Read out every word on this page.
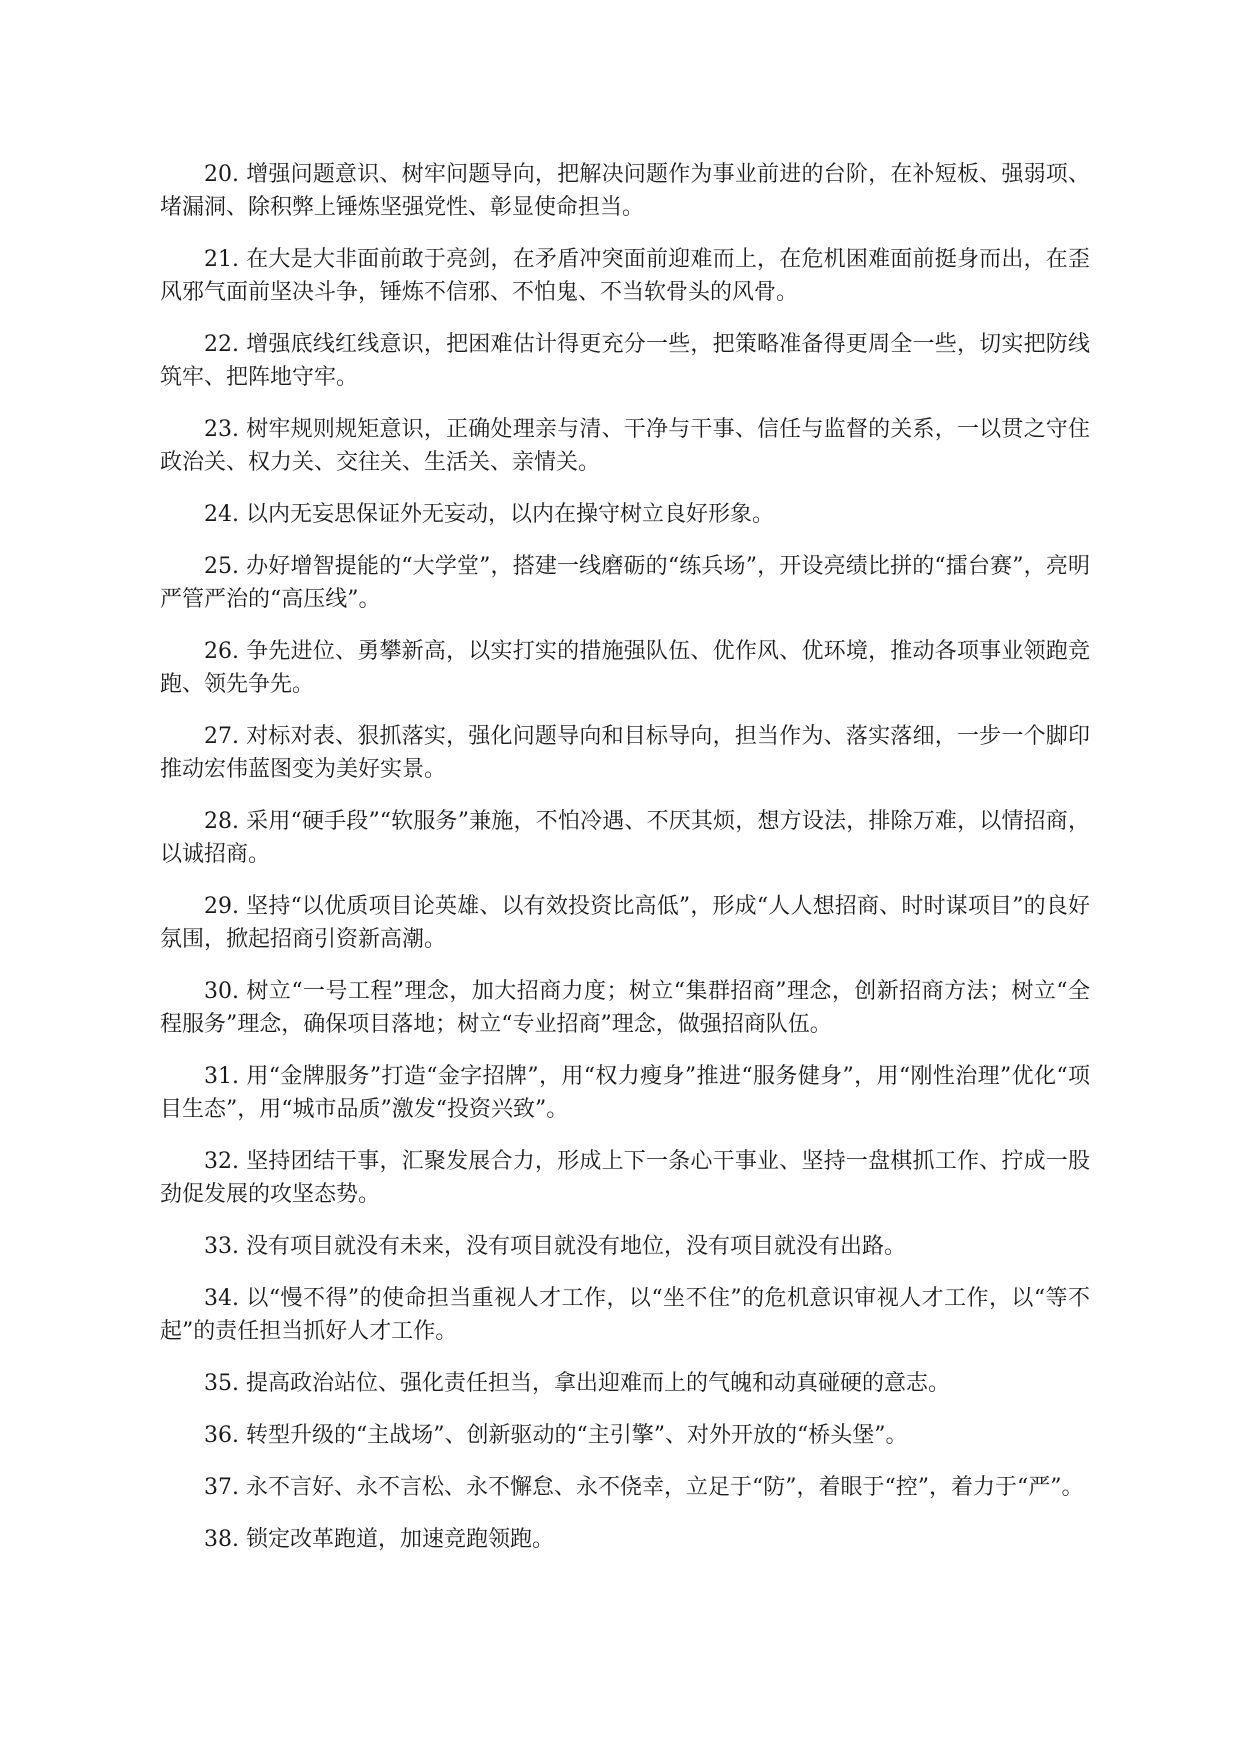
20. 增强问题意识、树牢问题导向，把解决问题作为事业前进的台阶，在补短板、强弱项、堵漏洞、除积弊上锤炼坚强党性、彰显使命担当。

21. 在大是大非面前敢于亮剑，在矛盾冲突面前迎难而上，在危机困难面前挺身而出，在歪风邪气面前坚决斗争，锤炼不信邪、不怕鬼、不当软骨头的风骨。

22. 增强底线红线意识，把困难估计得更充分一些，把策略准备得更周全一些，切实把防线筑牢、把阵地守牢。

23. 树牢规则规矩意识，正确处理亲与清、干净与干事、信任与监督的关系，一以贯之守住政治关、权力关、交往关、生活关、亲情关。

24. 以内无妄思保证外无妄动，以内在操守树立良好形象。

25. 办好增智提能的“大学堂”，搭建一线磨砺的“练兵场”，开设亮绩比拼的“擂台赛”，亮明严管严治的“高压线”。

26. 争先进位、勇攀新高，以实打实的措施强队伍、优作风、优环境，推动各项事业领跑竞跑、领先争先。

27. 对标对表、狠抓落实，强化问题导向和目标导向，担当作为、落实落细，一步一个脚印推动宏伟蓝图变为美好实景。

28. 采用“硬手段”“软服务”兼施，不怕冷遇、不厌其烦，想方设法，排除万难，以情招商，以诚招商。

29. 坚持“以优质项目论英雄、以有效投资比高低”，形成“人人想招商、时时谋项目”的良好氛围，掀起招商引资新高潮。

30. 树立“一号工程”理念，加大招商力度；树立“集群招商”理念，创新招商方法；树立“全程服务”理念，确保项目落地；树立“专业招商”理念，做强招商队伍。

31. 用“金牌服务”打造“金字招牌”，用“权力瘦身”推进“服务健身”，用“刚性治理”优化“项目生态”，用“城市品质”激发“投资兴致”。

32. 坚持团结干事，汇聚发展合力，形成上下一条心干事业、坚持一盘棋抓工作、拧成一股劲促发展的攻坚态势。

33. 没有项目就没有未来，没有项目就没有地位，没有项目就没有出路。

34. 以“慢不得”的使命担当重视人才工作，以“坐不住”的危机意识审视人才工作，以“等不起”的责任担当抓好人才工作。

35. 提高政治站位、强化责任担当，拿出迎难而上的气魄和动真碰硬的意志。

36. 转型升级的“主战场”、创新驱动的“主引擎”、对外开放的“桥头堡”。

37. 永不言好、永不言松、永不懈怠、永不侥幸，立足于“防”，着眼于“控”，着力于“严”。

38. 锁定改革跑道，加速竞跑领跑。
